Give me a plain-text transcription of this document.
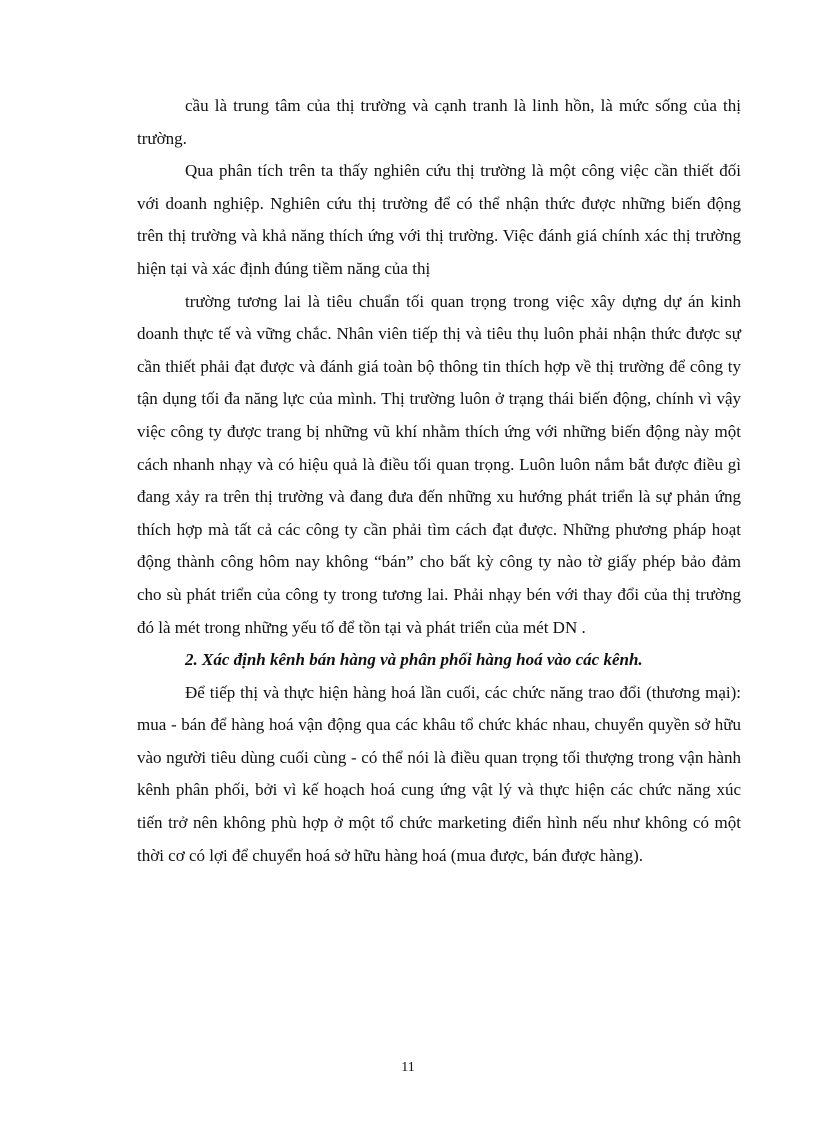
cầu là trung tâm của thị trường và cạnh tranh là linh hồn, là mức sống của thị trường.

Qua phân tích trên ta thấy nghiên cứu thị trường là một công việc cần thiết đối với doanh nghiệp. Nghiên cứu thị trường để có thể nhận thức được những biến động trên thị trường và khả năng thích ứng với thị trường. Việc đánh giá chính xác thị trường hiện tại và xác định đúng tiềm năng của thị

trường tương lai là tiêu chuẩn tối quan trọng trong việc xây dựng dự án kinh doanh thực tế và vững chắc. Nhân viên tiếp thị và tiêu thụ luôn phải nhận thức được sự cần thiết phải đạt được và đánh giá toàn bộ thông tin thích hợp về thị trường để công ty tận dụng tối đa năng lực của mình. Thị trường luôn ở trạng thái biến động, chính vì vậy việc công ty được trang bị những vũ khí nhằm thích ứng với những biến động này một cách nhanh nhạy và có hiệu quả là điều tối quan trọng. Luôn luôn nắm bắt được điều gì đang xảy ra trên thị trường và đang đưa đến những xu hướng phát triển là sự phản ứng thích hợp mà tất cả các công ty cần phải tìm cách đạt được. Những phương pháp hoạt động thành công hôm nay không “bán” cho bất kỳ công ty nào tờ giấy phép bảo đảm cho sù phát triển của công ty trong tương lai. Phải nhạy bén với thay đổi của thị trường đó là mét trong những yếu tố để tồn tại và phát triển của mét DN .

2. Xác định kênh bán hàng và phân phối hàng hoá vào các kênh.

Để tiếp thị và thực hiện hàng hoá lần cuối, các chức năng trao đổi (thương mại): mua - bán để hàng hoá vận động qua các khâu tổ chức khác nhau, chuyển quyền sở hữu vào người tiêu dùng cuối cùng - có thể nói là điều quan trọng tối thượng trong vận hành kênh phân phối, bởi vì kế hoạch hoá cung ứng vật lý và thực hiện các chức năng xúc tiến trở nên không phù hợp ở một tổ chức marketing điển hình nếu như không có một thời cơ có lợi để chuyển hoá sở hữu hàng hoá (mua được, bán được hàng).

11
